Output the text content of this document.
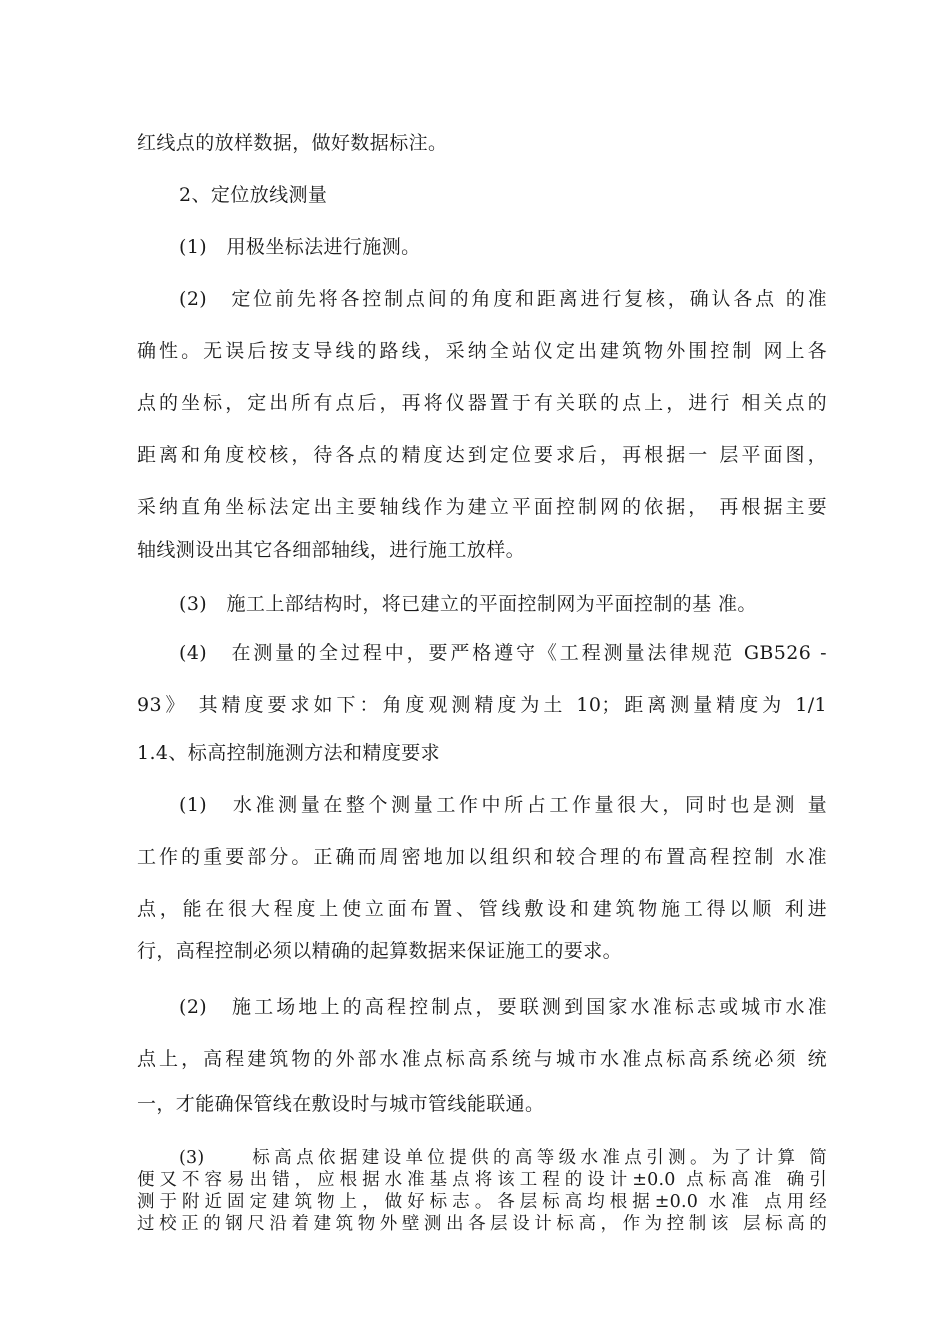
红线点的放样数据，做好数据标注。
2、定位放线测量
(1)　用极坐标法进行施测。
(2)　定位前先将各控制点间的角度和距离进行复核，确认各点 的准
确性。无误后按支导线的路线，采纳全站仪定出建筑物外围控制 网上各
点的坐标，定出所有点后，再将仪器置于有关联的点上，进行 相关点的
距离和角度校核，待各点的精度达到定位要求后，再根据一 层平面图，
采纳直角坐标法定出主要轴线作为建立平面控制网的依据， 再根据主要
轴线测设出其它各细部轴线，进行施工放样。
(3)　施工上部结构时，将已建立的平面控制网为平面控制的基 准。
(4)　在测量的全过程中，要严格遵守《工程测量法律规范 GB526 -
93》 其精度要求如下：角度观测精度为土 10；距离测量精度为 1/1
1.4、标高控制施测方法和精度要求
(1)　水准测量在整个测量工作中所占工作量很大，同时也是测 量
工作的重要部分。正确而周密地加以组织和较合理的布置高程控制 水准
点，能在很大程度上使立面布置、管线敷设和建筑物施工得以顺 利进
行，高程控制必须以精确的起算数据来保证施工的要求。
(2)　施工场地上的高程控制点，要联测到国家水准标志或城市水准
点上，高程建筑物的外部水准点标高系统与城市水准点标高系统必须 统
一，才能确保管线在敷设时与城市管线能联通。
(3)　　标高点依据建设单位提供的高等级水准点引测。为了计算 简
便又不容易出错，应根据水准基点将该工程的设计±0.0 点标高准 确引
测于附近固定建筑物上，做好标志。各层标高均根据±0.0 水准 点用经
过校正的钢尺沿着建筑物外壁测出各层设计标高，作为控制该 层标高的
